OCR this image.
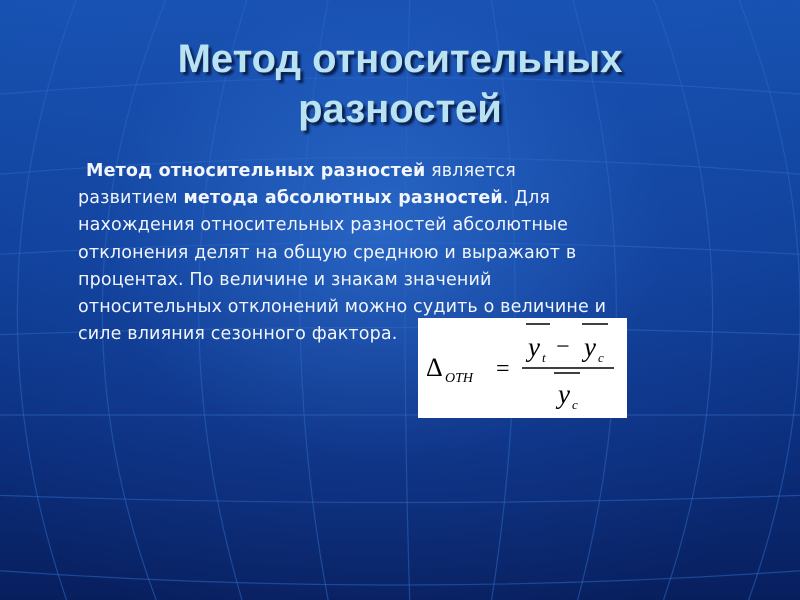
Метод относительных
разностей
Метод относительных разностей является
развитием метода абсолютных разностей. Для
нахождения относительных разностей абсолютные
отклонения делят на общую среднюю и выражают в
процентах. По величине и знакам значений
относительных отклонений можно судить о величине и
силе влияния сезонного фактора.
Δ ОТН =
y t − y c
y c
